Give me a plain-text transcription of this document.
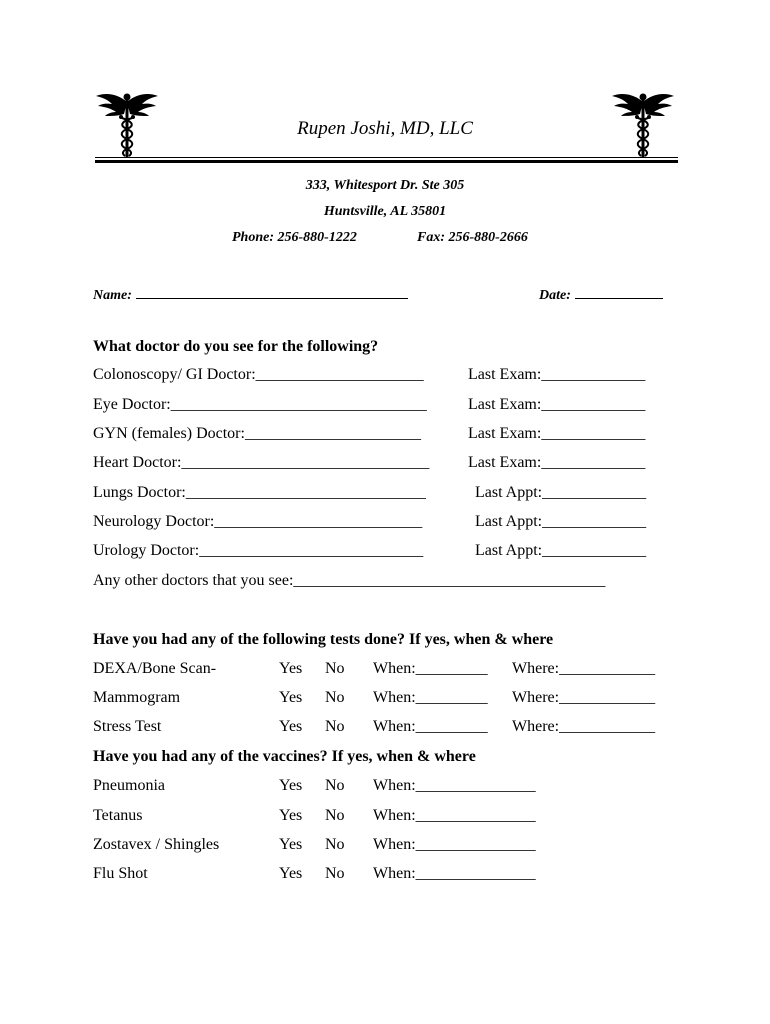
Rupen Joshi, MD, LLC
333, Whitesport Dr. Ste 305
Huntsville, AL 35801
Phone: 256-880-1222	Fax: 256-880-2666
Name:	Date:
What doctor do you see for the following?
Colonoscopy/ GI Doctor:_____________________	Last Exam:_____________
Eye Doctor:________________________________	Last Exam:_____________
GYN (females) Doctor:______________________	Last Exam:_____________
Heart Doctor:_______________________________ Last Exam:_____________
Lungs Doctor:______________________________	Last Appt:_____________
Neurology Doctor:__________________________	Last Appt:_____________
Urology Doctor:____________________________	Last Appt:_____________
Any other doctors that you see:_______________________________________
Have you had any of the following tests done? If yes, when & where
DEXA/Bone Scan-	Yes No When:_________ Where:____________
Mammogram	Yes No When:_________ Where:____________
Stress Test	Yes No When:_________ Where:____________
Have you had any of the vaccines? If yes, when & where
Pneumonia	Yes No When:_______________
Tetanus	Yes No When:_______________
Zostavex / Shingles	Yes No When:_______________
Flu Shot	Yes No When:_______________
